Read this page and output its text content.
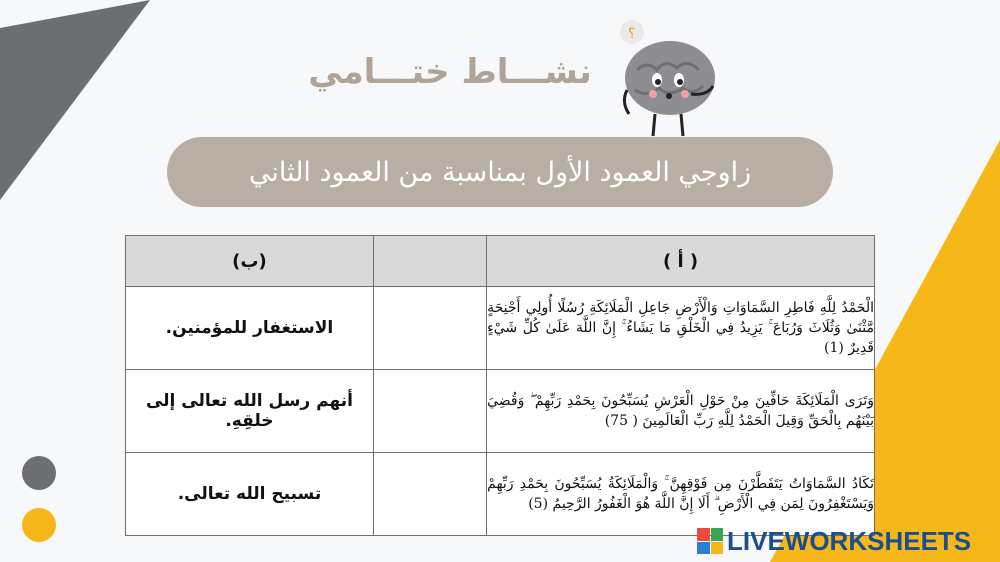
نشـــاط ختـــامي
؟
زاوجي العمود الأول بمناسبة من العمود الثاني
(ب)		( أ )
الاستغفار للمؤمنين.		الْحَمْدُ لِلَّهِ فَاطِرِ السَّمَاوَاتِ وَالْأَرْضِ جَاعِلِ الْمَلَائِكَةِ رُسُلًا أُولِي أَجْنِحَةٍ مَّثْنَىٰ وَثُلَاثَ وَرُبَاعَ ۚ يَزِيدُ فِي الْخَلْقِ مَا يَشَاءُ ۚ إِنَّ اللَّهَ عَلَىٰ كُلِّ شَيْءٍ قَدِيرٌ (1)
أنهم رسل الله تعالى إلى خلقِهِ.		وَتَرَى الْمَلَائِكَةَ حَافِّينَ مِنْ حَوْلِ الْعَرْشِ يُسَبِّحُونَ بِحَمْدِ رَبِّهِمْ ۖ وَقُضِيَ بَيْنَهُم بِالْحَقِّ وَقِيلَ الْحَمْدُ لِلَّهِ رَبِّ الْعَالَمِينَ ( 75)
تسبيح الله تعالى.		تَكَادُ السَّمَاوَاتُ يَتَفَطَّرْنَ مِن فَوْقِهِنَّ ۚ وَالْمَلَائِكَةُ يُسَبِّحُونَ بِحَمْدِ رَبِّهِمْ وَيَسْتَغْفِرُونَ لِمَن فِي الْأَرْضِ ۗ أَلَا إِنَّ اللَّهَ هُوَ الْغَفُورُ الرَّحِيمُ (5)
LIVEWORKSHEETS
